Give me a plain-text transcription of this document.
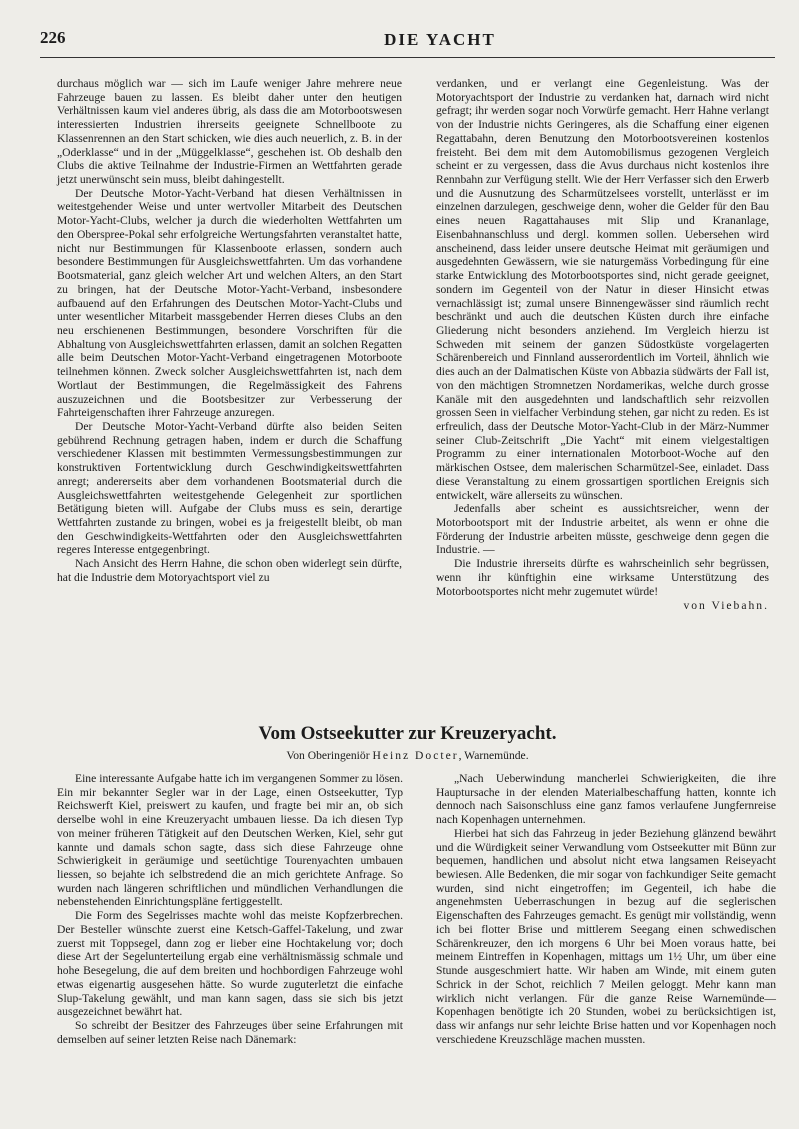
226	DIE YACHT

durchaus möglich war — sich im Laufe weniger Jahre mehrere neue Fahrzeuge bauen zu lassen. Es bleibt daher unter den heutigen Verhältnissen kaum viel anderes übrig, als dass die am Motorbootswesen interessierten Industrien ihrerseits geeignete Schnellboote zu Klassenrennen an den Start schicken, wie dies auch neuerlich, z. B. in der „Oderklasse“ und in der „Müggelklasse“, geschehen ist. Ob deshalb den Clubs die aktive Teilnahme der Industrie-Firmen an Wettfahrten gerade jetzt unerwünscht sein muss, bleibt dahingestellt.

Der Deutsche Motor-Yacht-Verband hat diesen Verhältnissen in weitestgehender Weise und unter wertvoller Mitarbeit des Deutschen Motor-Yacht-Clubs, welcher ja durch die wiederholten Wettfahrten um den Oberspree-Pokal sehr erfolgreiche Wertungsfahrten veranstaltet hatte, nicht nur Bestimmungen für Klassenboote erlassen, sondern auch besondere Bestimmungen für Ausgleichswettfahrten. Um das vorhandene Bootsmaterial, ganz gleich welcher Art und welchen Alters, an den Start zu bringen, hat der Deutsche Motor-Yacht-Verband, insbesondere aufbauend auf den Erfahrungen des Deutschen Motor-Yacht-Clubs und unter wesentlicher Mitarbeit massgebender Herren dieses Clubs an den neu erschienenen Bestimmungen, besondere Vorschriften für die Abhaltung von Ausgleichswettfahrten erlassen, damit an solchen Regatten alle beim Deutschen Motor-Yacht-Verband eingetragenen Motorboote teilnehmen können. Zweck solcher Ausgleichswettfahrten ist, nach dem Wortlaut der Bestimmungen, die Regelmässigkeit des Fahrens auszuzeichnen und die Bootsbesitzer zur Verbesserung der Fahrteigenschaften ihrer Fahrzeuge anzuregen.

Der Deutsche Motor-Yacht-Verband dürfte also beiden Seiten gebührend Rechnung getragen haben, indem er durch die Schaffung verschiedener Klassen mit bestimmten Vermessungsbestimmungen zur konstruktiven Fortentwicklung durch Geschwindigkeitswettfahrten anregt; andererseits aber dem vorhandenen Bootsmaterial durch die Ausgleichswettfahrten weitestgehende Gelegenheit zur sportlichen Betätigung bieten will. Aufgabe der Clubs muss es sein, derartige Wettfahrten zustande zu bringen, wobei es ja freigestellt bleibt, ob man den Geschwindigkeits-Wettfahrten oder den Ausgleichswettfahrten regeres Interesse entgegenbringt.

Nach Ansicht des Herrn Hahne, die schon oben widerlegt sein dürfte, hat die Industrie dem Motoryachtsport viel zu

verdanken, und er verlangt eine Gegenleistung. Was der Motoryachtsport der Industrie zu verdanken hat, darnach wird nicht gefragt; ihr werden sogar noch Vorwürfe gemacht. Herr Hahne verlangt von der Industrie nichts Geringeres, als die Schaffung einer eigenen Regattabahn, deren Benutzung den Motorbootsvereinen kostenlos freisteht. Bei dem mit dem Automobilismus gezogenen Vergleich scheint er zu vergessen, dass die Avus durchaus nicht kostenlos ihre Rennbahn zur Verfügung stellt. Wie der Herr Verfasser sich den Erwerb und die Ausnutzung des Scharmützelsees vorstellt, unterlässt er im einzelnen darzulegen, geschweige denn, woher die Gelder für den Bau eines neuen Ragattahauses mit Slip und Krananlage, Eisenbahnanschluss und dergl. kommen sollen. Uebersehen wird anscheinend, dass leider unsere deutsche Heimat mit geräumigen und ausgedehnten Gewässern, wie sie naturgemäss Vorbedingung für eine starke Entwicklung des Motorbootsportes sind, nicht gerade geeignet, sondern im Gegenteil von der Natur in dieser Hinsicht etwas vernachlässigt ist; zumal unsere Binnengewässer sind räumlich recht beschränkt und auch die deutschen Küsten durch ihre einfache Gliederung nicht besonders anziehend. Im Vergleich hierzu ist Schweden mit seinem der ganzen Südostküste vorgelagerten Schärenbereich und Finnland ausserordentlich im Vorteil, ähnlich wie dies auch an der Dalmatischen Küste von Abbazia südwärts der Fall ist, von den mächtigen Stromnetzen Nordamerikas, welche durch grosse Kanäle mit den ausgedehnten und landschaftlich sehr reizvollen grossen Seen in vielfacher Verbindung stehen, gar nicht zu reden. Es ist erfreulich, dass der Deutsche Motor-Yacht-Club in der März-Nummer seiner Club-Zeitschrift „Die Yacht“ mit einem vielgestaltigen Programm zu einer internationalen Motorboot-Woche auf den märkischen Ostsee, dem malerischen Scharmützel-See, einladet. Dass diese Veranstaltung zu einem grossartigen sportlichen Ereignis sich entwickelt, wäre allerseits zu wünschen.

Jedenfalls aber scheint es aussichtsreicher, wenn der Motorbootsport mit der Industrie arbeitet, als wenn er ohne die Förderung der Industrie arbeiten müsste, geschweige denn gegen die Industrie. —

Die Industrie ihrerseits dürfte es wahrscheinlich sehr begrüssen, wenn ihr künftighin eine wirksame Unterstützung des Motorbootsportes nicht mehr zugemutet würde!

von Viebahn.
Vom Ostseekutter zur Kreuzeryacht.
Von Oberingeniör Heinz Docter, Warnemünde.

Eine interessante Aufgabe hatte ich im vergangenen Sommer zu lösen. Ein mir bekannter Segler war in der Lage, einen Ostseekutter, Typ Reichswerft Kiel, preiswert zu kaufen, und fragte bei mir an, ob sich derselbe wohl in eine Kreuzeryacht umbauen liesse. Da ich diesen Typ von meiner früheren Tätigkeit auf den Deutschen Werken, Kiel, sehr gut kannte und damals schon sagte, dass sich diese Fahrzeuge ohne Schwierigkeit in geräumige und seetüchtige Tourenyachten umbauen liessen, so bejahte ich selbstredend die an mich gerichtete Anfrage. So wurden nach längeren schriftlichen und mündlichen Verhandlungen die nebenstehenden Einrichtungspläne fertiggestellt.

Die Form des Segelrisses machte wohl das meiste Kopfzerbrechen. Der Besteller wünschte zuerst eine Ketsch-Gaffel-Takelung, und zwar zuerst mit Toppsegel, dann zog er lieber eine Hochtakelung vor; doch diese Art der Segelunterteilung ergab eine verhältnismässig schmale und hohe Besegelung, die auf dem breiten und hochbordigen Fahrzeuge wohl etwas eigenartig ausgesehen hätte. So wurde zuguterletzt die einfache Slup-Takelung gewählt, und man kann sagen, dass sie sich bis jetzt ausgezeichnet bewährt hat.

So schreibt der Besitzer des Fahrzeuges über seine Erfahrungen mit demselben auf seiner letzten Reise nach Dänemark:

„Nach Ueberwindung mancherlei Schwierigkeiten, die ihre Hauptursache in der elenden Materialbeschaffung hatten, konnte ich dennoch nach Saisonschluss eine ganz famos verlaufene Jungfernreise nach Kopenhagen unternehmen.

Hierbei hat sich das Fahrzeug in jeder Beziehung glänzend bewährt und die Würdigkeit seiner Verwandlung vom Ostseekutter mit Bünn zur bequemen, handlichen und absolut nicht etwa langsamen Reiseyacht bewiesen. Alle Bedenken, die mir sogar von fachkundiger Seite gemacht wurden, sind nicht eingetroffen; im Gegenteil, ich habe die angenehmsten Ueberraschungen in bezug auf die seglerischen Eigenschaften des Fahrzeuges gemacht. Es genügt mir vollständig, wenn ich bei flotter Brise und mittlerem Seegang einen schwedischen Schärenkreuzer, den ich morgens 6 Uhr bei Moen voraus hatte, bei meinem Eintreffen in Kopenhagen, mittags um 1½ Uhr, um über eine Stunde ausgeschmiert hatte. Wir haben am Winde, mit einem guten Schrick in der Schot, reichlich 7 Meilen geloggt. Mehr kann man wirklich nicht verlangen. Für die ganze Reise Warnemünde—Kopenhagen benötigte ich 20 Stunden, wobei zu berücksichtigen ist, dass wir anfangs nur sehr leichte Brise hatten und vor Kopenhagen noch verschiedene Kreuzschläge machen mussten.
